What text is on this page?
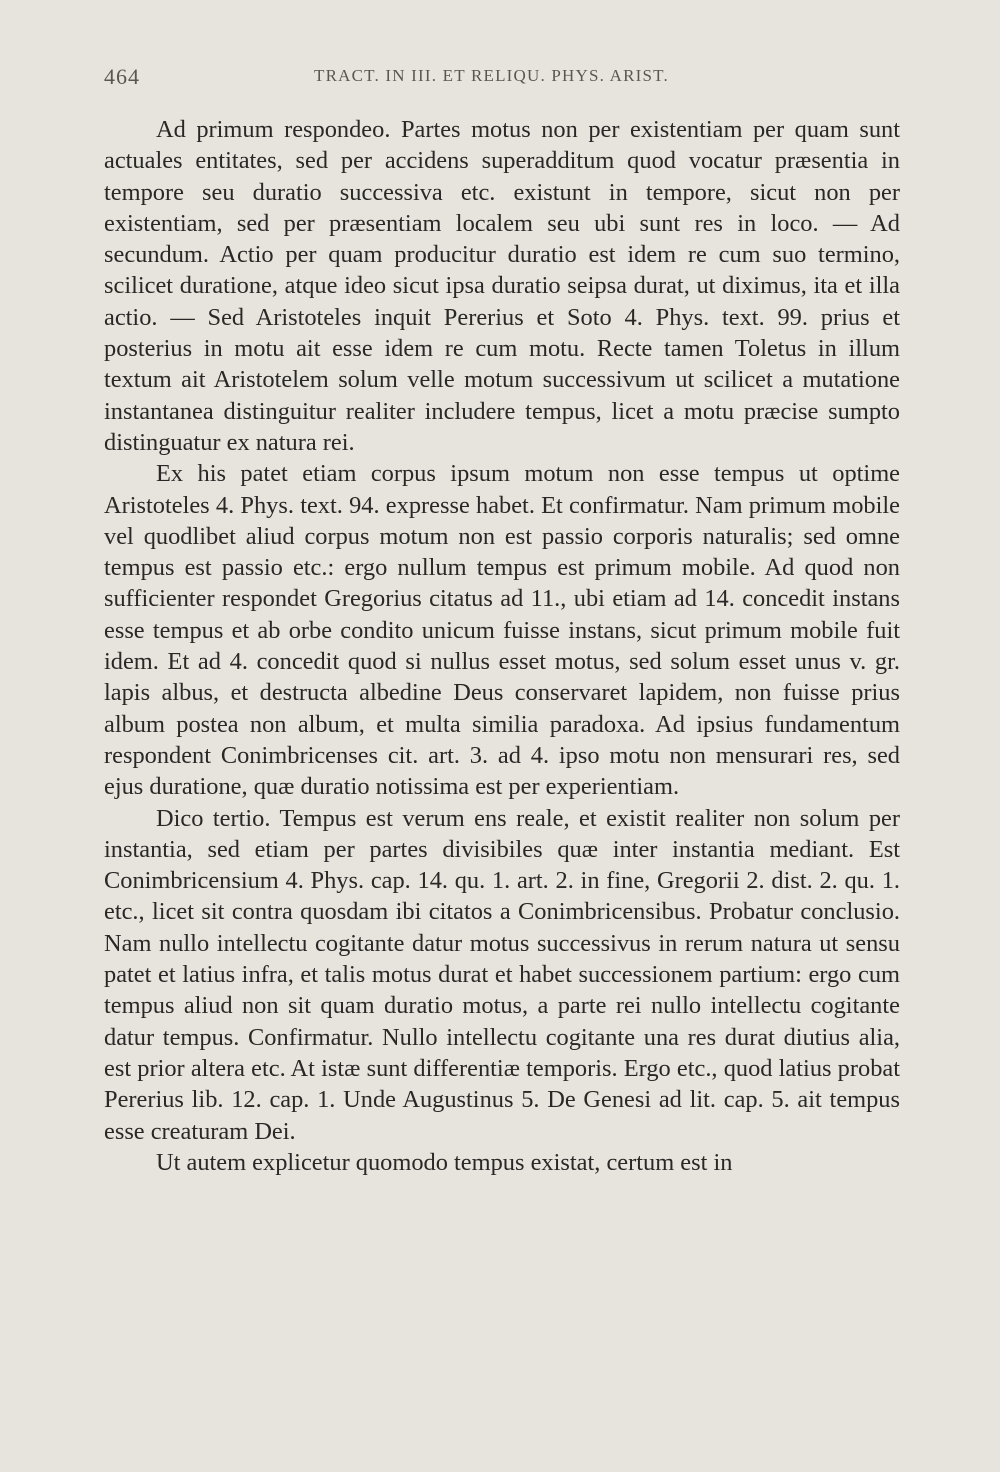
464	TRACT. IN III. ET RELIQU. PHYS. ARIST.

Ad primum respondeo. Partes motus non per existentiam per quam sunt actuales entitates, sed per accidens superadditum quod vocatur præsentia in tempore seu duratio successiva etc. existunt in tempore, sicut non per existentiam, sed per præsentiam localem seu ubi sunt res in loco. — Ad secundum. Actio per quam producitur duratio est idem re cum suo termino, scilicet duratione, atque ideo sicut ipsa duratio seipsa durat, ut diximus, ita et illa actio. — Sed Aristoteles inquit Pererius et Soto 4. Phys. text. 99. prius et posterius in motu ait esse idem re cum motu. Recte tamen Toletus in illum textum ait Aristotelem solum velle motum successivum ut scilicet a mutatione instantanea distinguitur realiter includere tempus, licet a motu præcise sumpto distinguatur ex natura rei.

Ex his patet etiam corpus ipsum motum non esse tempus ut optime Aristoteles 4. Phys. text. 94. expresse habet. Et confirmatur. Nam primum mobile vel quodlibet aliud corpus motum non est passio corporis naturalis; sed omne tempus est passio etc.: ergo nullum tempus est primum mobile. Ad quod non sufficienter respondet Gregorius citatus ad 11., ubi etiam ad 14. concedit instans esse tempus et ab orbe condito unicum fuisse instans, sicut primum mobile fuit idem. Et ad 4. concedit quod si nullus esset motus, sed solum esset unus v. gr. lapis albus, et destructa albedine Deus conservaret lapidem, non fuisse prius album postea non album, et multa similia paradoxa. Ad ipsius fundamentum respondent Conimbricenses cit. art. 3. ad 4. ipso motu non mensurari res, sed ejus duratione, quæ duratio notissima est per experientiam.

Dico tertio. Tempus est verum ens reale, et existit realiter non solum per instantia, sed etiam per partes divisibiles quæ inter instantia mediant. Est Conimbricensium 4. Phys. cap. 14. qu. 1. art. 2. in fine, Gregorii 2. dist. 2. qu. 1. etc., licet sit contra quosdam ibi citatos a Conimbricensibus. Probatur conclusio. Nam nullo intellectu cogitante datur motus successivus in rerum natura ut sensu patet et latius infra, et talis motus durat et habet successionem partium: ergo cum tempus aliud non sit quam duratio motus, a parte rei nullo intellectu cogitante datur tempus. Confirmatur. Nullo intellectu cogitante una res durat diutius alia, est prior altera etc. At istæ sunt differentiæ temporis. Ergo etc., quod latius probat Pererius lib. 12. cap. 1. Unde Augustinus 5. De Genesi ad lit. cap. 5. ait tempus esse creaturam Dei.

Ut autem explicetur quomodo tempus existat, certum est in
